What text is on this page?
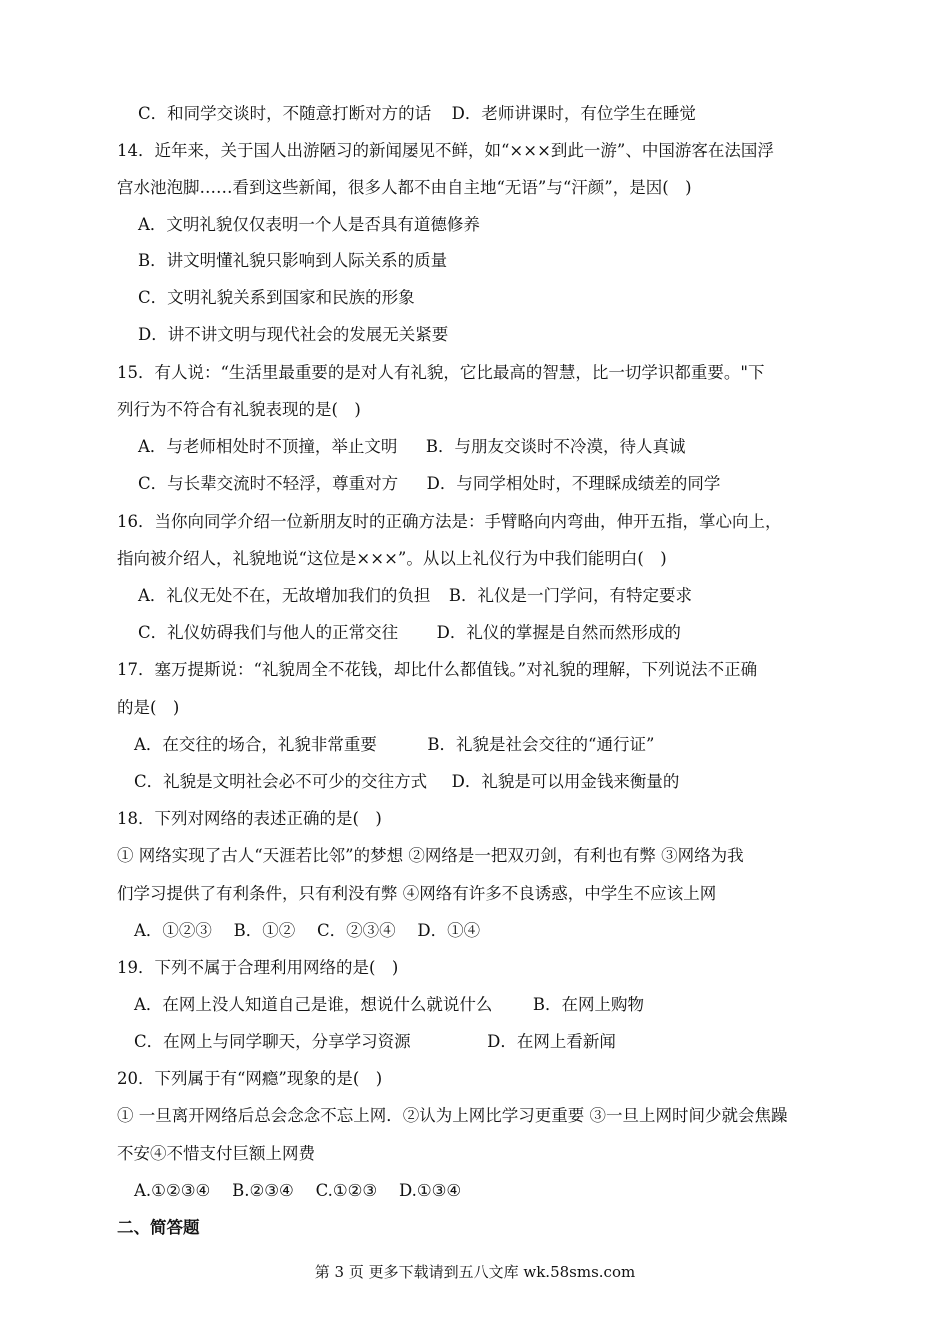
C．和同学交谈时，不随意打断对方的话 D．老师讲课时，有位学生在睡觉
14．近年来，关于国人出游陋习的新闻屡见不鲜，如“×××到此一游”、中国游客在法国浮
宫水池泡脚……看到这些新闻，很多人都不由自主地“无语”与“汗颜”，是因(　)
A．文明礼貌仅仅表明一个人是否具有道德修养
B．讲文明懂礼貌只影响到人际关系的质量
C．文明礼貌关系到国家和民族的形象
D．讲不讲文明与现代社会的发展无关紧要
15．有人说：“生活里最重要的是对人有礼貌，它比最高的智慧，比一切学识都重要。"下
列行为不符合有礼貌表现的是(　)
A．与老师相处时不顶撞，举止文明 B．与朋友交谈时不冷漠，待人真诚
C．与长辈交流时不轻浮，尊重对方 D．与同学相处时，不理睬成绩差的同学
16．当你向同学介绍一位新朋友时的正确方法是：手臂略向内弯曲，伸开五指，掌心向上，
指向被介绍人，礼貌地说“这位是×××”。从以上礼仪行为中我们能明白(　)
A．礼仪无处不在，无故增加我们的负担 B．礼仪是一门学问，有特定要求
C．礼仪妨碍我们与他人的正常交往 D．礼仪的掌握是自然而然形成的
17．塞万提斯说：“礼貌周全不花钱，却比什么都值钱。”对礼貌的理解，下列说法不正确
的是(　)
A．在交往的场合，礼貌非常重要	B．礼貌是社会交往的“通行证”
C．礼貌是文明社会必不可少的交往方式 D．礼貌是可以用金钱来衡量的
18．下列对网络的表述正确的是(　)
① 网络实现了古人“天涯若比邻”的梦想 ②网络是一把双刃剑，有利也有弊 ③网络为我
们学习提供了有利条件，只有利没有弊 ④网络有许多不良诱惑，中学生不应该上网
A．①②③　 B．①②　 C．②③④　 D．①④
19．下列不属于合理利用网络的是(　)
A．在网上没人知道自己是谁，想说什么就说什么 B．在网上购物
C．在网上与同学聊天，分享学习资源	D．在网上看新闻
20．下列属于有“网瘾”现象的是(　)
① 一旦离开网络后总会念念不忘上网．②认为上网比学习更重要 ③一旦上网时间少就会焦躁
不安④不惜支付巨额上网费
A.①②③④　 B.②③④　 C.①②③　 D.①③④
二、简答题
第 3 页 更多下载请到五八文库 wk.58sms.com
